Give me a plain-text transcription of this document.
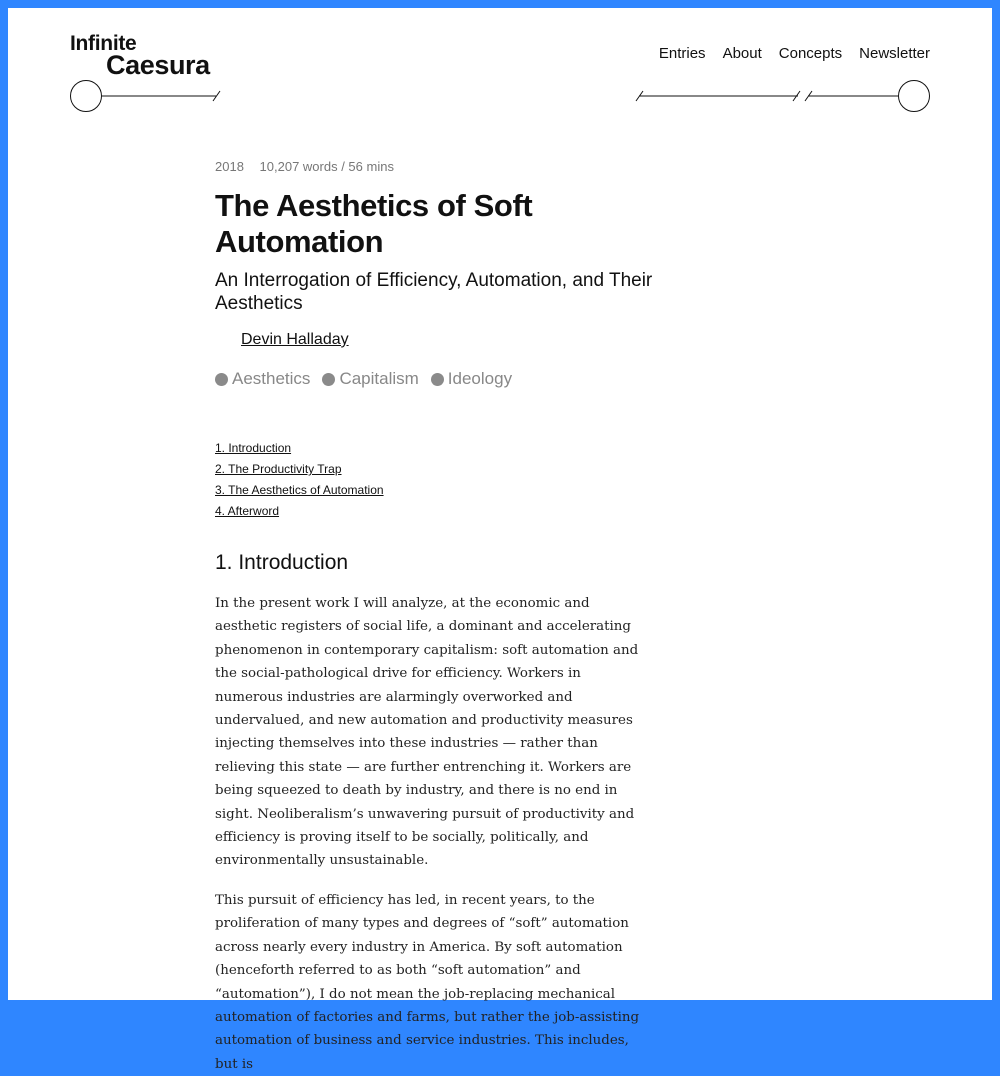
Infinite
Caesura	Entries About Concepts Newsletter
2018 10,207 words / 56 mins
The Aesthetics of Soft Automation
An Interrogation of Efficiency, Automation, and Their Aesthetics
Devin Halladay
Aesthetics Capitalism Ideology
1. Introduction
2. The Productivity Trap
3. The Aesthetics of Automation
4. Afterword
1. Introduction

In the present work I will analyze, at the economic and aesthetic registers of social life, a dominant and accelerating phenomenon in contemporary capitalism: soft automation and the social-pathological drive for efficiency. Workers in numerous industries are alarmingly overworked and undervalued, and new automation and productivity measures injecting themselves into these industries — rather than relieving this state — are further entrenching it. Workers are being squeezed to death by industry, and there is no end in sight. Neoliberalism’s unwavering pursuit of productivity and efficiency is proving itself to be socially, politically, and environmentally unsustainable.

This pursuit of efficiency has led, in recent years, to the proliferation of many types and degrees of “soft” automation across nearly every industry in America. By soft automation (henceforth referred to as both “soft automation” and “automation”), I do not mean the job-replacing mechanical automation of factories and farms, but rather the job-assisting automation of business and service industries. This includes, but is
